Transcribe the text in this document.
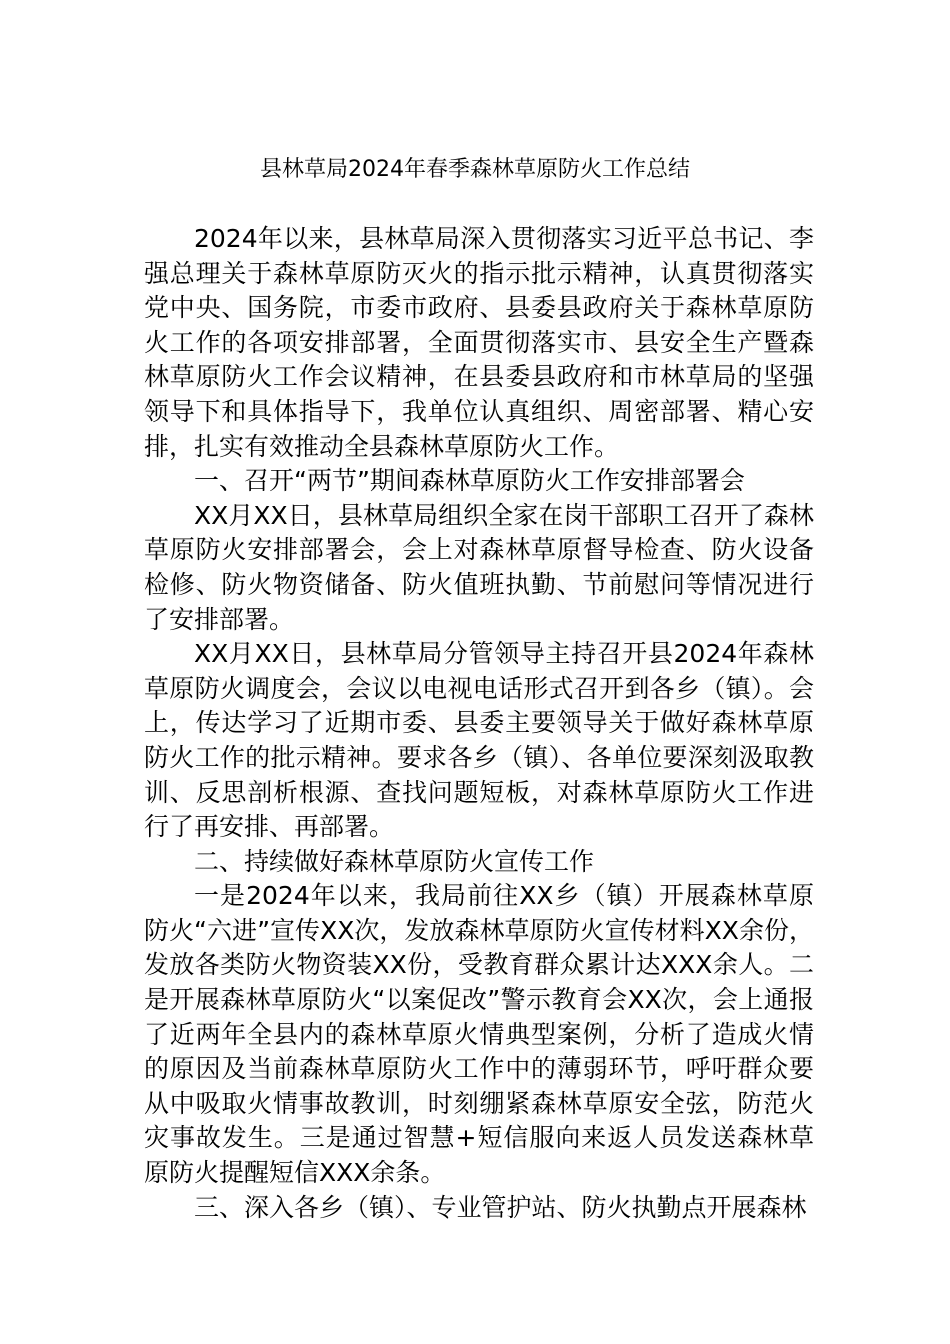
县林草局2024年春季森林草原防火工作总结

2024年以来，县林草局深入贯彻落实习近平总书记、李强总理关于森林草原防灭火的指示批示精神，认真贯彻落实党中央、国务院，市委市政府、县委县政府关于森林草原防火工作的各项安排部署，全面贯彻落实市、县安全生产暨森林草原防火工作会议精神，在县委县政府和市林草局的坚强领导下和具体指导下，我单位认真组织、周密部署、精心安排，扎实有效推动全县森林草原防火工作。

一、召开“两节”期间森林草原防火工作安排部署会

XX月XX日，县林草局组织全家在岗干部职工召开了森林草原防火安排部署会，会上对森林草原督导检查、防火设备检修、防火物资储备、防火值班执勤、节前慰问等情况进行了安排部署。

XX月XX日，县林草局分管领导主持召开县2024年森林草原防火调度会，会议以电视电话形式召开到各乡（镇）。会上，传达学习了近期市委、县委主要领导关于做好森林草原防火工作的批示精神。要求各乡（镇）、各单位要深刻汲取教训、反思剖析根源、查找问题短板，对森林草原防火工作进行了再安排、再部署。

二、持续做好森林草原防火宣传工作

一是2024年以来，我局前往XX乡（镇）开展森林草原防火“六进”宣传XX次，发放森林草原防火宣传材料XX余份，发放各类防火物资装XX份，受教育群众累计达XXX余人。二是开展森林草原防火“以案促改”警示教育会XX次，会上通报了近两年全县内的森林草原火情典型案例，分析了造成火情的原因及当前森林草原防火工作中的薄弱环节，呼吁群众要从中吸取火情事故教训，时刻绷紧森林草原安全弦，防范火灾事故发生。三是通过智慧+短信服向来返人员发送森林草原防火提醒短信XXX余条。

三、深入各乡（镇）、专业管护站、防火执勤点开展森林
